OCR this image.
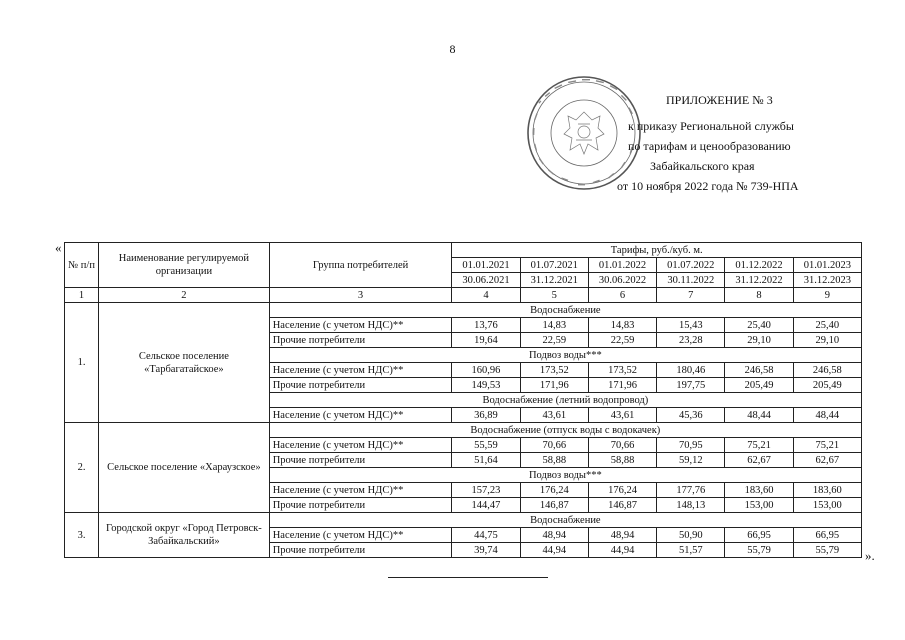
8
ПРИЛОЖЕНИЕ № 3
к приказу Региональной службы
по тарифам и ценообразованию
Забайкальского края
от 10 ноября 2022 года № 739-НПА
«
№ п/п	Наименование регулируемой организации	Группа потребителей	Тарифы, руб./куб. м.					
			01.01.2021	01.07.2021	01.01.2022	01.07.2022	01.12.2022	01.01.2023
			30.06.2021	31.12.2021	30.06.2022	30.11.2022	31.12.2022	31.12.2023
1	2	3	4	5	6	7	8	9
1.	Сельское поселение «Тарбагатайское»	Водоснабжение						
		Население (с учетом НДС)**	13,76	14,83	14,83	15,43	25,40	25,40
		Прочие потребители	19,64	22,59	22,59	23,28	29,10	29,10
		Подвоз воды***						
		Население (с учетом НДС)**	160,96	173,52	173,52	180,46	246,58	246,58
		Прочие потребители	149,53	171,96	171,96	197,75	205,49	205,49
		Водоснабжение (летний водопровод)						
		Население (с учетом НДС)**	36,89	43,61	43,61	45,36	48,44	48,44
2.	Сельское поселение «Хараузское»	Водоснабжение (отпуск воды с водокачек)						
		Население (с учетом НДС)**	55,59	70,66	70,66	70,95	75,21	75,21
		Прочие потребители	51,64	58,88	58,88	59,12	62,67	62,67
		Подвоз воды***						
		Население (с учетом НДС)**	157,23	176,24	176,24	177,76	183,60	183,60
		Прочие потребители	144,47	146,87	146,87	148,13	153,00	153,00
3.	Городской округ «Город Петровск-Забайкальский»	Водоснабжение						
		Население (с учетом НДС)**	44,75	48,94	48,94	50,90	66,95	66,95
		Прочие потребители	39,74	44,94	44,94	51,57	55,79	55,79 ».
